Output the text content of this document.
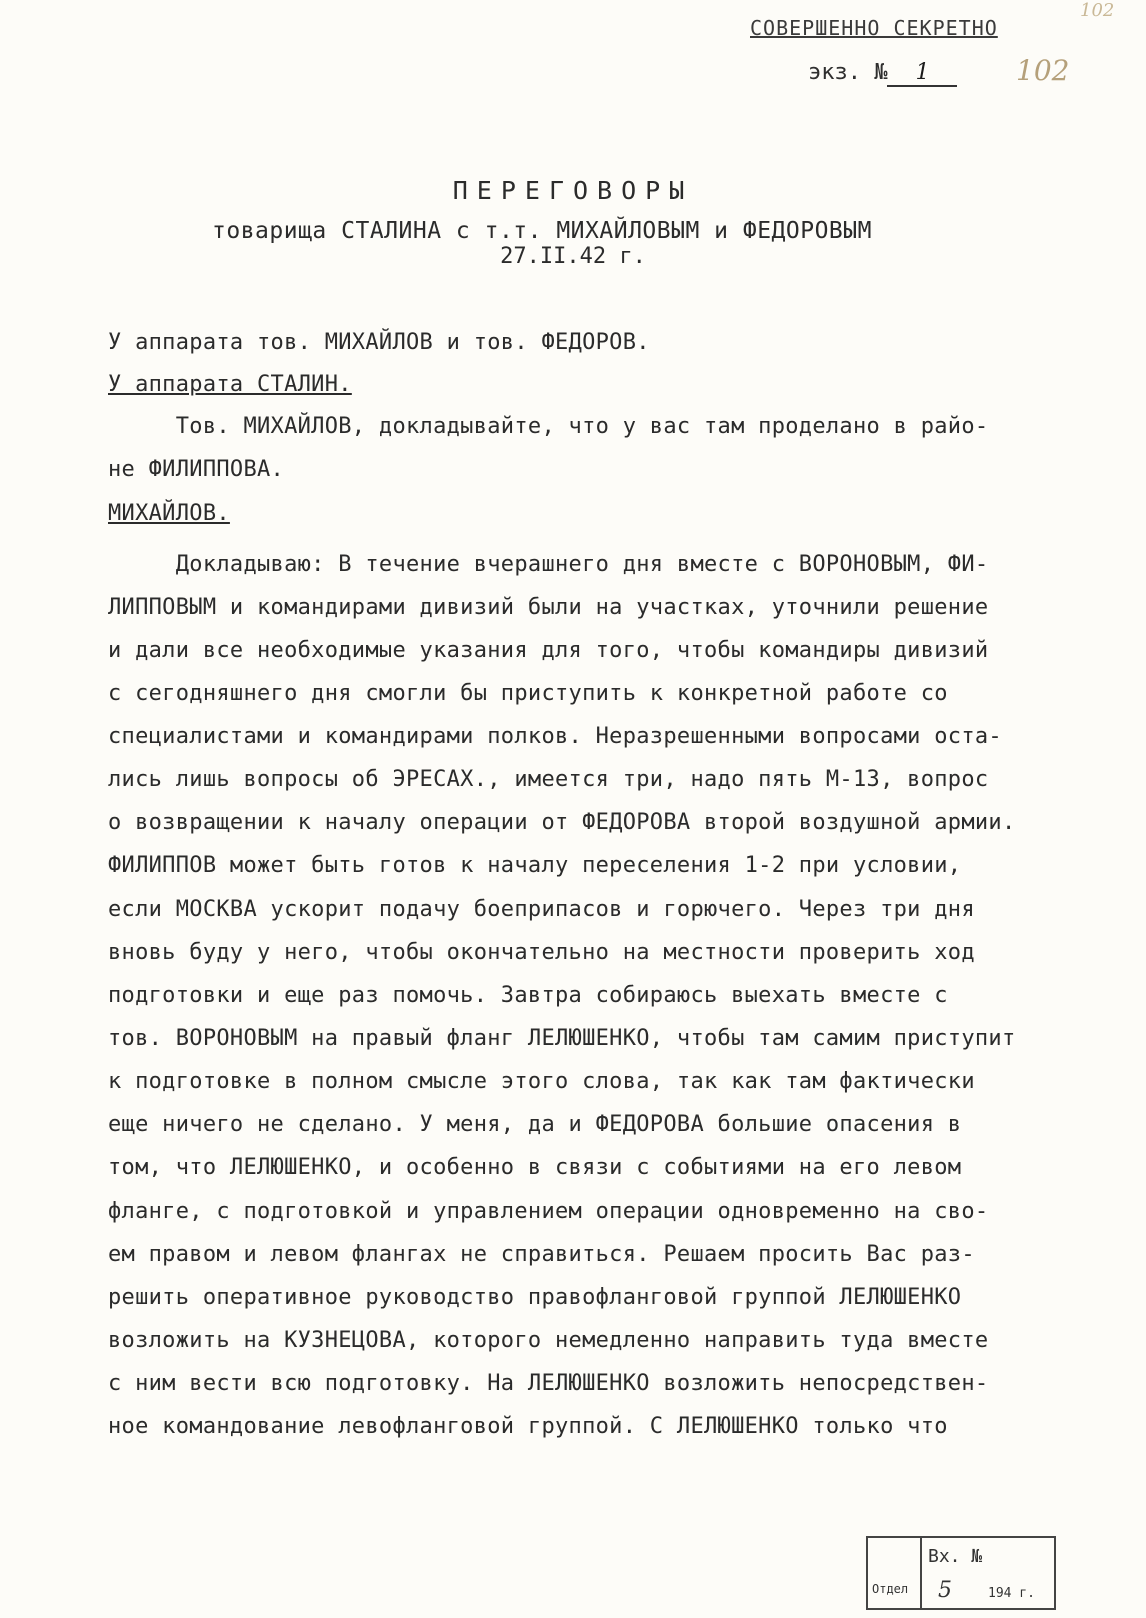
102
СОВЕРШЕННО СЕКРЕТНО
экз. № 1	102
ПЕРЕГОВОРЫ
товарища СТАЛИНА с т.т. МИХАЙЛОВЫМ и ФЕДОРОВЫМ
27.II.42 г.
У аппарата тов. МИХАЙЛОВ и тов. ФЕДОРОВ.
У аппарата СТАЛИН.
Тов. МИХАЙЛОВ, докладывайте, что у вас там проделано в райо-
не ФИЛИППОВА.
МИХАЙЛОВ.
Докладываю: В течение вчерашнего дня вместе с ВОРОНОВЫМ, ФИ-
ЛИППОВЫМ и командирами дивизий были на участках, уточнили решение
и дали все необходимые указания для того, чтобы командиры дивизий
с сегодняшнего дня смогли бы приступить к конкретной работе со
специалистами и командирами полков. Неразрешенными вопросами оста-
лись лишь вопросы об ЭРЕСАХ., имеется три, надо пять М-13, вопрос
о возвращении к началу операции от ФЕДОРОВА второй воздушной армии.
ФИЛИППОВ может быть готов к началу переселения 1-2 при условии,
если МОСКВА ускорит подачу боеприпасов и горючего. Через три дня
вновь буду у него, чтобы окончательно на местности проверить ход
подготовки и еще раз помочь. Завтра собираюсь выехать вместе с
тов. ВОРОНОВЫМ на правый фланг ЛЕЛЮШЕНКО, чтобы там самим приступит
к подготовке в полном смысле этого слова, так как там фактически
еще ничего не сделано. У меня, да и ФЕДОРОВА большие опасения в
том, что ЛЕЛЮШЕНКО, и особенно в связи с событиями на его левом
фланге, с подготовкой и управлением операции одновременно на сво-
ем правом и левом флангах не справиться. Решаем просить Вас раз-
решить оперативное руководство правофланговой группой ЛЕЛЮШЕНКО
возложить на КУЗНЕЦОВА, которого немедленно направить туда вместе
с ним вести всю подготовку. На ЛЕЛЮШЕНКО возложить непосредствен-
ное командование левофланговой группой. С ЛЕЛЮШЕНКО только что
Отдел
Вх. №
5	194 г.
